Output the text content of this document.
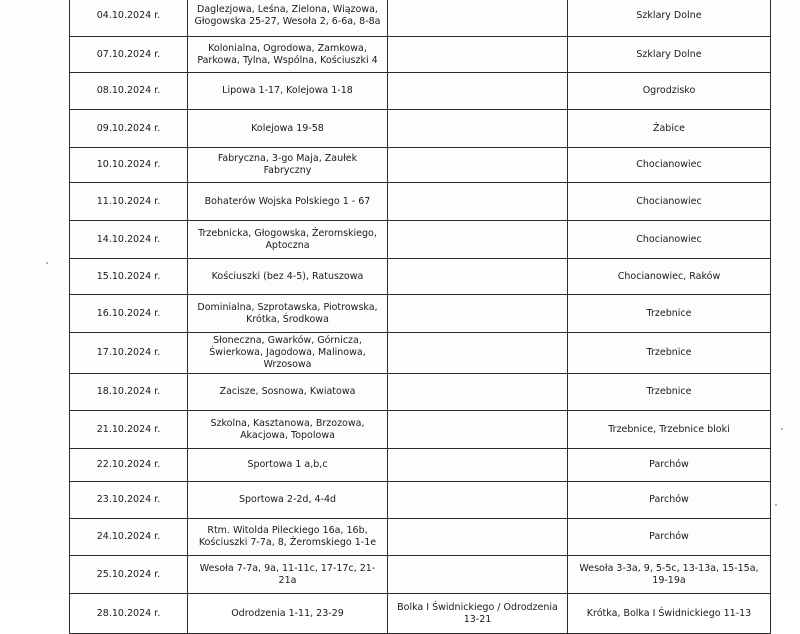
04.10.2024 r.	Daglezjowa, Leśna, Zielona, Wiązowa, Głogowska 25-27, Wesoła 2, 6-6a, 8-8a		Szklary Dolne
07.10.2024 r.	Kolonialna, Ogrodowa, Zamkowa, Parkowa, Tylna, Wspólna, Kościuszki 4		Szklary Dolne
08.10.2024 r.	Lipowa 1-17, Kolejowa 1-18		Ogrodzisko
09.10.2024 r.	Kolejowa 19-58		Żabice
10.10.2024 r.	Fabryczna, 3-go Maja, Zaułek Fabryczny		Chocianowiec
11.10.2024 r.	Bohaterów Wojska Polskiego 1 - 67		Chocianowiec
14.10.2024 r.	Trzebnicka, Głogowska, Żeromskiego, Aptoczna		Chocianowiec
15.10.2024 r.	Kościuszki (bez 4-5), Ratuszowa		Chocianowiec, Raków
16.10.2024 r.	Dominialna, Szprotawska, Piotrowska, Krótka, Środkowa		Trzebnice
17.10.2024 r.	Słoneczna, Gwarków, Górnicza, Świerkowa, Jagodowa, Malinowa, Wrzosowa		Trzebnice
18.10.2024 r.	Zacisze, Sosnowa, Kwiatowa		Trzebnice
21.10.2024 r.	Szkolna, Kasztanowa, Brzozowa, Akacjowa, Topolowa		Trzebnice, Trzebnice bloki
22.10.2024 r.	Sportowa 1 a,b,c		Parchów
23.10.2024 r.	Sportowa 2-2d, 4-4d		Parchów
24.10.2024 r.	Rtm. Witolda Pileckiego 16a, 16b, Kościuszki 7-7a, 8, Żeromskiego 1-1e		Parchów
25.10.2024 r.	Wesoła 7-7a, 9a, 11-11c, 17-17c, 21-21a		Wesoła 3-3a, 9, 5-5c, 13-13a, 15-15a, 19-19a
28.10.2024 r.	Odrodzenia 1-11, 23-29	Bolka I Świdnickiego / Odrodzenia 13-21	Krótka, Bolka I Świdnickiego 11-13
